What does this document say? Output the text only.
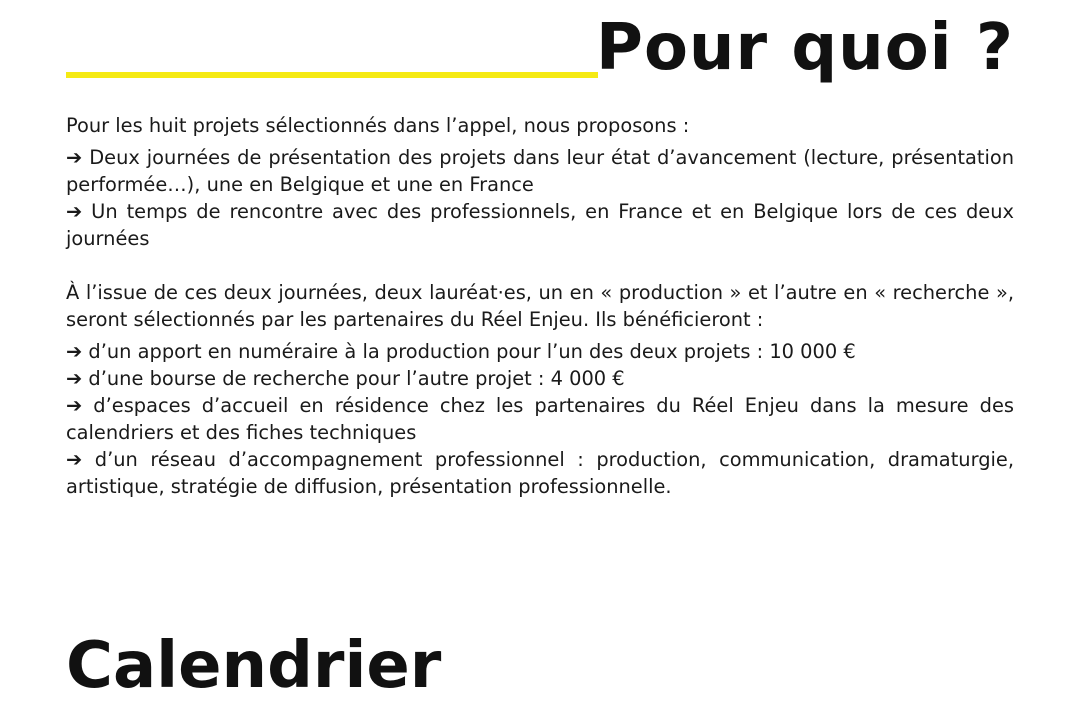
Pour quoi ?

Pour les huit projets sélectionnés dans l’appel, nous proposons :

➔ Deux journées de présentation des projets dans leur état d’avancement (lecture, présentation performée…), une en Belgique et une en France
➔ Un temps de rencontre avec des professionnels, en France et en Belgique lors de ces deux journées

À l’issue de ces deux journées, deux lauréat·es, un en « production » et l’autre en « recherche », seront sélectionnés par les partenaires du Réel Enjeu. Ils bénéficieront :

➔ d’un apport en numéraire à la production pour l’un des deux projets : 10 000 €
➔ d’une bourse de recherche pour l’autre projet : 4 000 €
➔ d’espaces d’accueil en résidence chez les partenaires du Réel Enjeu dans la mesure des calendriers et des fiches techniques
➔ d’un réseau d’accompagnement professionnel : production, communication, dramaturgie, artistique, stratégie de diffusion, présentation professionnelle.
Calendrier
